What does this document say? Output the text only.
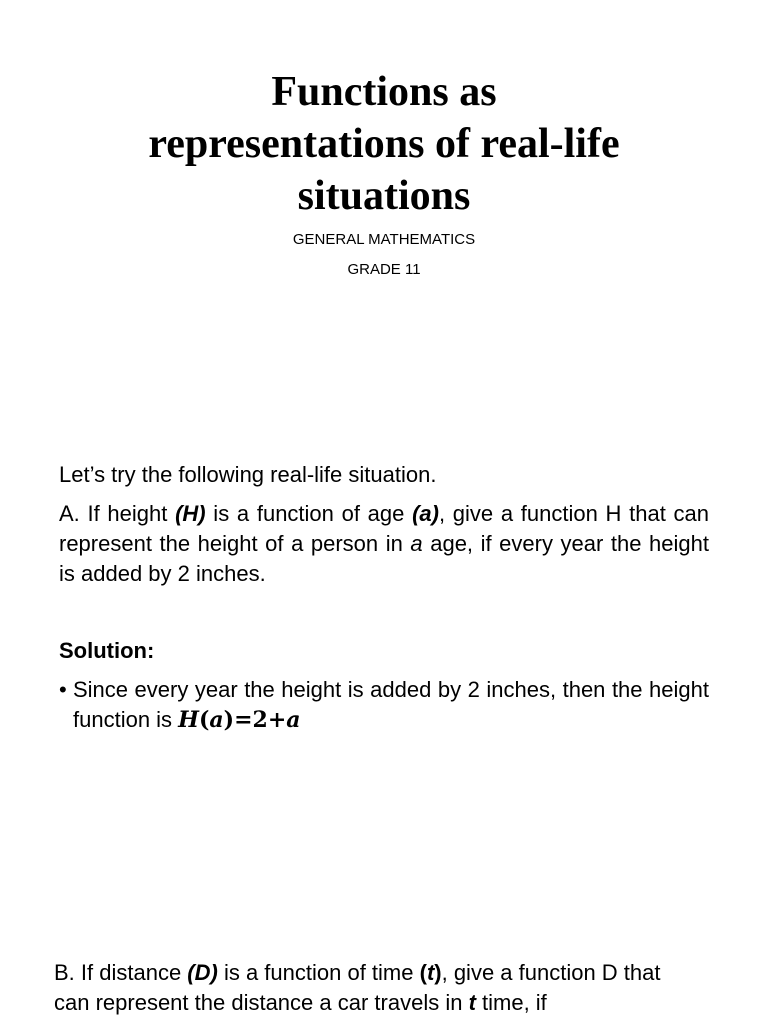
Functions as
representations of real-life
situations

GENERAL MATHEMATICS

GRADE 11

Let’s try the following real-life situation.

A. If height (H) is a function of age (a), give a function H that can represent the height of a person in a age, if every year the height is added by 2 inches.

Solution:

• Since every year the height is added by 2 inches, then the height function is H(a)=2+a

B. If distance (D) is a function of time (t), give a function D that can represent the distance a car travels in t time, if
